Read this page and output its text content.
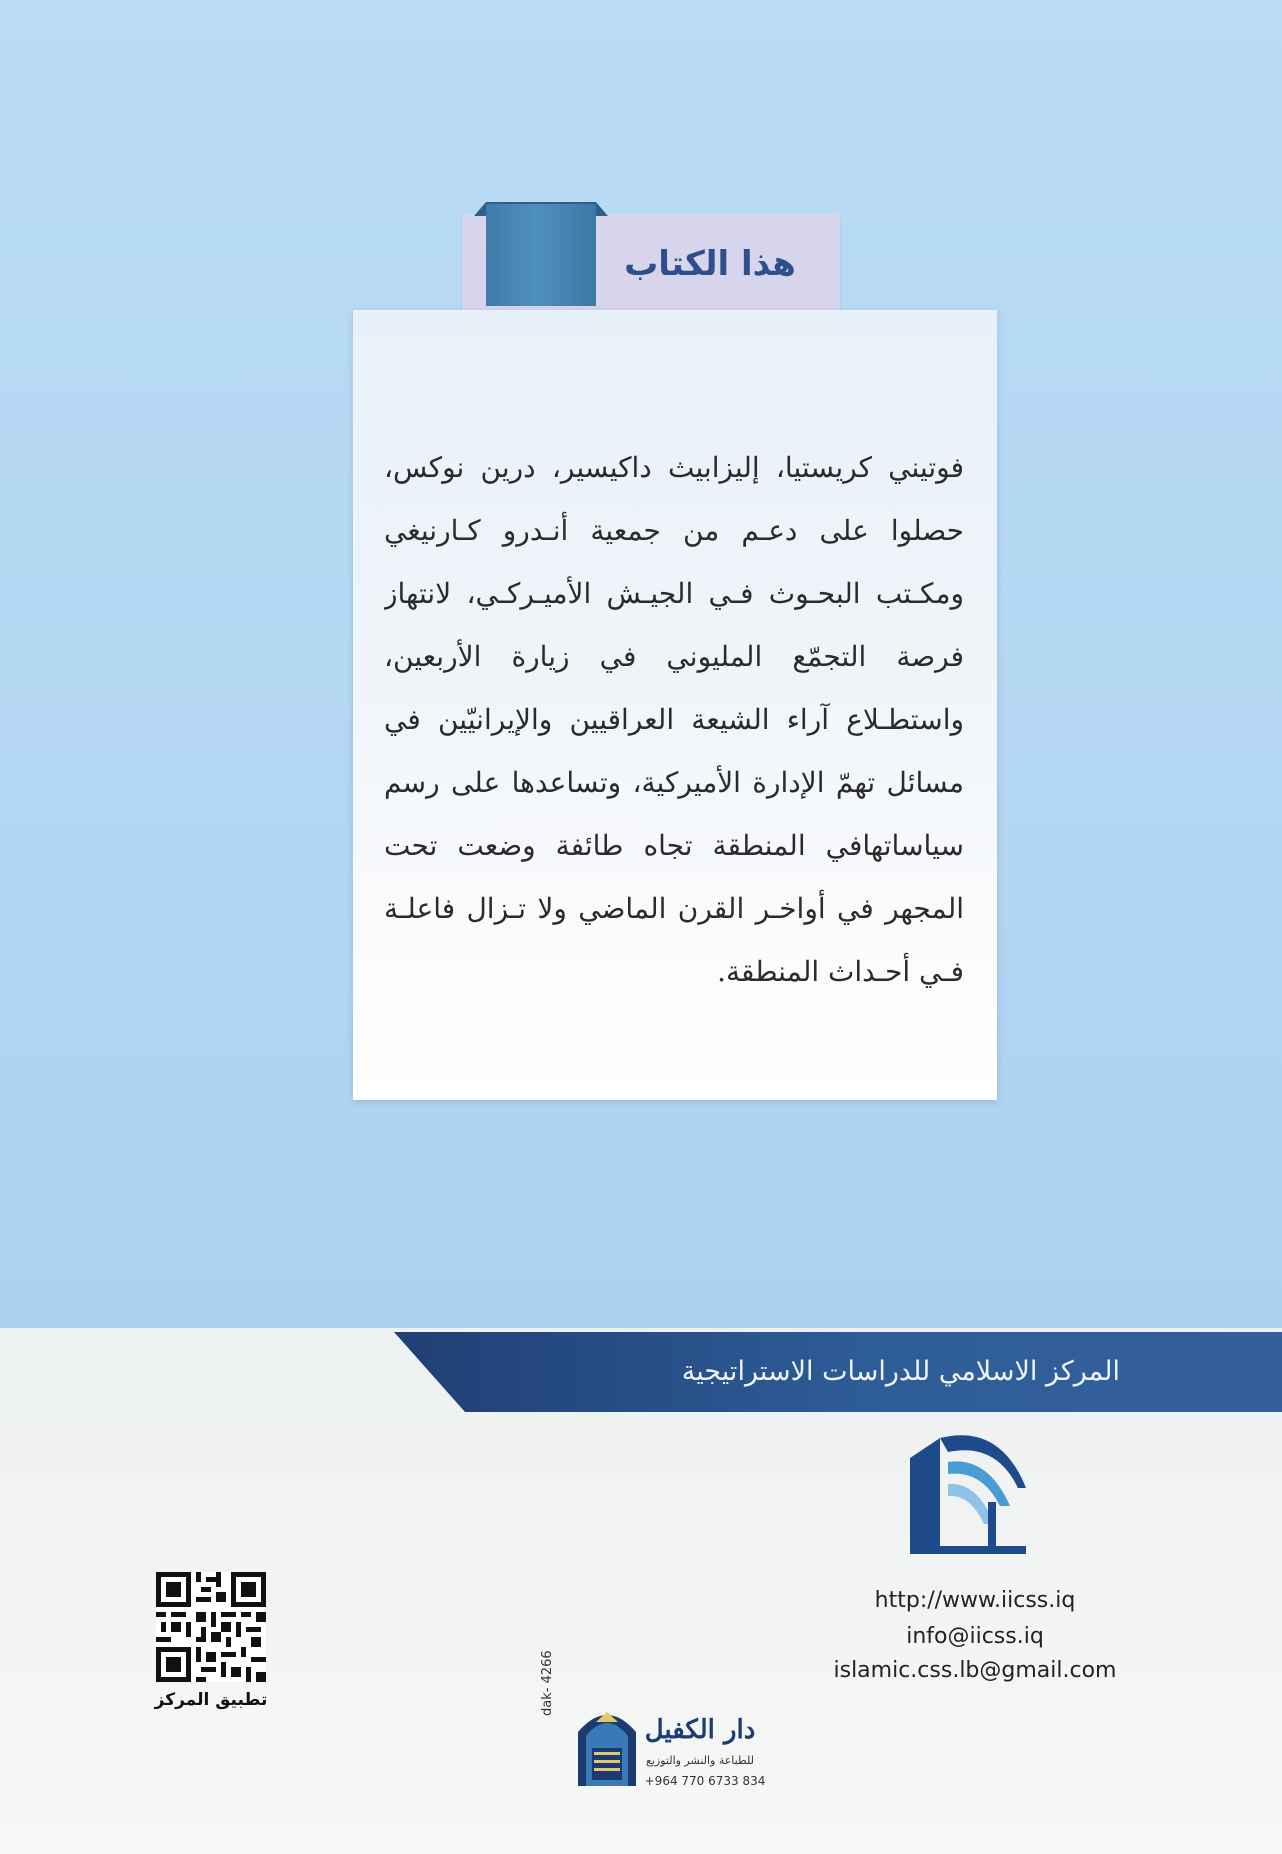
هذا الكتاب
فوتيني كريستيا، إليزابيث داكيسير، درين نوكس، حصلوا على دعـم من جمعية أنـدرو كـارنيغي ومكـتب البحـوث فـي الجيـش الأميـركـي، لانتهاز فرصة التجمّع المليوني في زيارة الأربعين، واستطـلاع آراء الشيعة العراقيين والإيرانيّين في مسائل تهمّ الإدارة الأميركية، وتساعدها على رسم سياساتهافي المنطقة تجاه طائفة وضعت تحت المجهر في أواخـر القرن الماضي ولا تـزال فاعلـة فـي أحـداث المنطقة.
المركز الاسلامي للدراسات الاستراتيجية
http://www.iicss.iq
info@iicss.iq
islamic.css.lb@gmail.com
تطبيق المركز	dak- 4266
دار الكفيل
للطباعة والنشر والتوزيع
+964 770 6733 834
